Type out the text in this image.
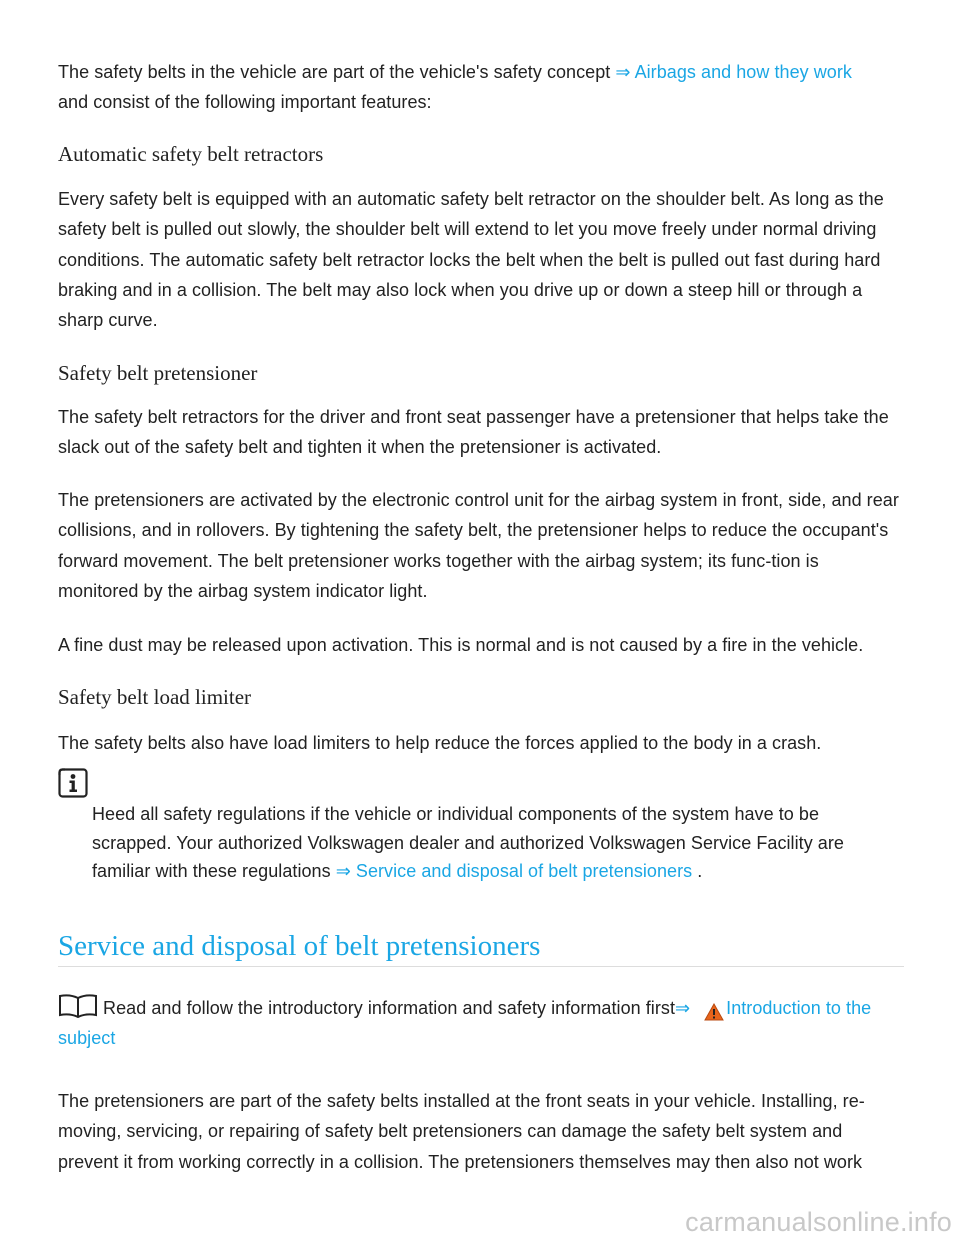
The safety belts in the vehicle are part of the vehicle's safety concept ⇒ Airbags and how they work
and consist of the following important features:

Automatic safety belt retractors

Every safety belt is equipped with an automatic safety belt retractor on the shoulder belt. As long as the safety belt is pulled out slowly, the shoulder belt will extend to let you move freely under normal driving conditions. The automatic safety belt retractor locks the belt when the belt is pulled out fast during hard braking and in a collision. The belt may also lock when you drive up or down a steep hill or through a sharp curve.

Safety belt pretensioner

The safety belt retractors for the driver and front seat passenger have a pretensioner that helps take the slack out of the safety belt and tighten it when the pretensioner is activated.

The pretensioners are activated by the electronic control unit for the airbag system in front, side, and rear collisions, and in rollovers. By tightening the safety belt, the pretensioner helps to reduce the occupant's forward movement. The belt pretensioner works together with the airbag system; its func-tion is monitored by the airbag system indicator light.

A fine dust may be released upon activation. This is normal and is not caused by a fire in the vehicle.

Safety belt load limiter

The safety belts also have load limiters to help reduce the forces applied to the body in a crash.

Heed all safety regulations if the vehicle or individual components of the system have to be scrapped. Your authorized Volkswagen dealer and authorized Volkswagen Service Facility are familiar with these regulations ⇒ Service and disposal of belt pretensioners .

Service and disposal of belt pretensioners

Read and follow the introductory information and safety information first⇒ Introduction to the subject

The pretensioners are part of the safety belts installed at the front seats in your vehicle. Installing, re-moving, servicing, or repairing of safety belt pretensioners can damage the safety belt system and prevent it from working correctly in a collision. The pretensioners themselves may then also not work

carmanualsonline.info
